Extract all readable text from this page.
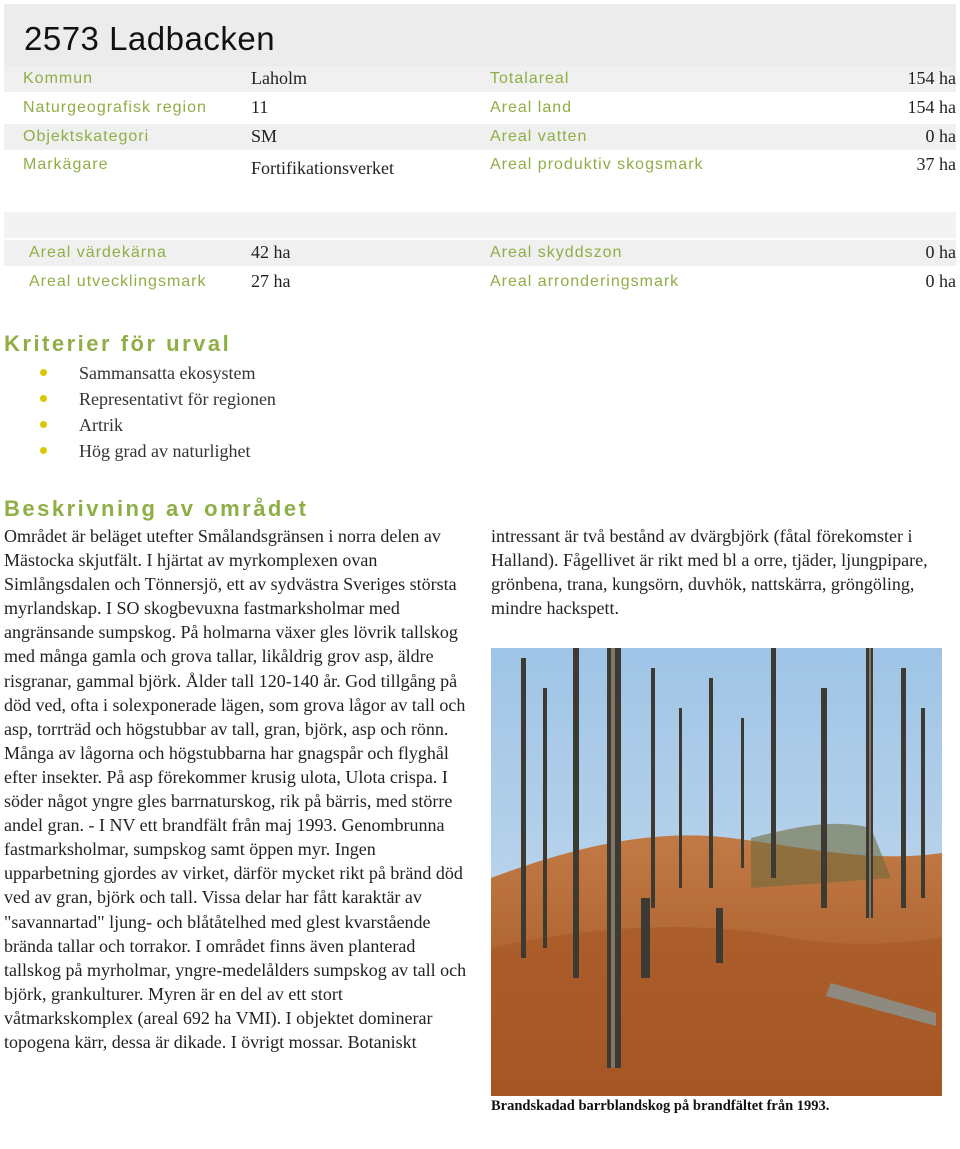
2573 Ladbacken
Kommun	Laholm	Totalareal	154 ha
Naturgeografisk region 11	Areal land	154 ha
Objektskategori	SM	Areal vatten	0 ha
Markägare	Fortifikationsverket	Areal produktiv skogsmark	37 ha
Areal värdekärna	42 ha	Areal skyddszon	0 ha
Areal utvecklingsmark 27 ha	Areal arronderingsmark	0 ha
Kriterier för urval
Sammansatta ekosystem
Representativt för regionen
Artrik
Hög grad av naturlighet
Beskrivning av området

Området är beläget utefter Smålandsgränsen i norra delen av Mästocka skjutfält. I hjärtat av myrkomplexen ovan Simlångsdalen och Tönnersjö, ett av sydvästra Sveriges största myrlandskap. I SO skogbevuxna fastmarksholmar med angränsande sumpskog. På holmarna växer gles lövrik tallskog med många gamla och grova tallar, likåldrig grov asp, äldre risgranar, gammal björk. Ålder tall 120-140 år. God tillgång på död ved, ofta i solexponerade lägen, som grova lågor av tall och asp, torrträd och högstubbar av tall, gran, björk, asp och rönn. Många av lågorna och högstubbarna har gnagspår och flyghål efter insekter. På asp förekommer krusig ulota, Ulota crispa. I söder något yngre gles barrnaturskog, rik på bärris, med större andel gran. - I NV ett brandfält från maj 1993. Genombrunna fastmarksholmar, sumpskog samt öppen myr. Ingen upparbetning gjordes av virket, därför mycket rikt på bränd död ved av gran, björk och tall. Vissa delar har fått karaktär av "savannartad" ljung- och blåtåtelhed med glest kvarstående brända tallar och torrakor. I området finns även planterad tallskog på myrholmar, yngre-medelålders sumpskog av tall och björk, grankulturer. Myren är en del av ett stort våtmarkskomplex (areal 692 ha VMI). I objektet dominerar topogena kärr, dessa är dikade. I övrigt mossar. Botaniskt

intressant är två bestånd av dvärgbjörk (fåtal förekomster i Halland). Fågellivet är rikt med bl a orre, tjäder, ljungpipare, grönbena, trana, kungsörn, duvhök, nattskärra, gröngöling, mindre hackspett.

Brandskadad barrblandskog på brandfältet från 1993.
